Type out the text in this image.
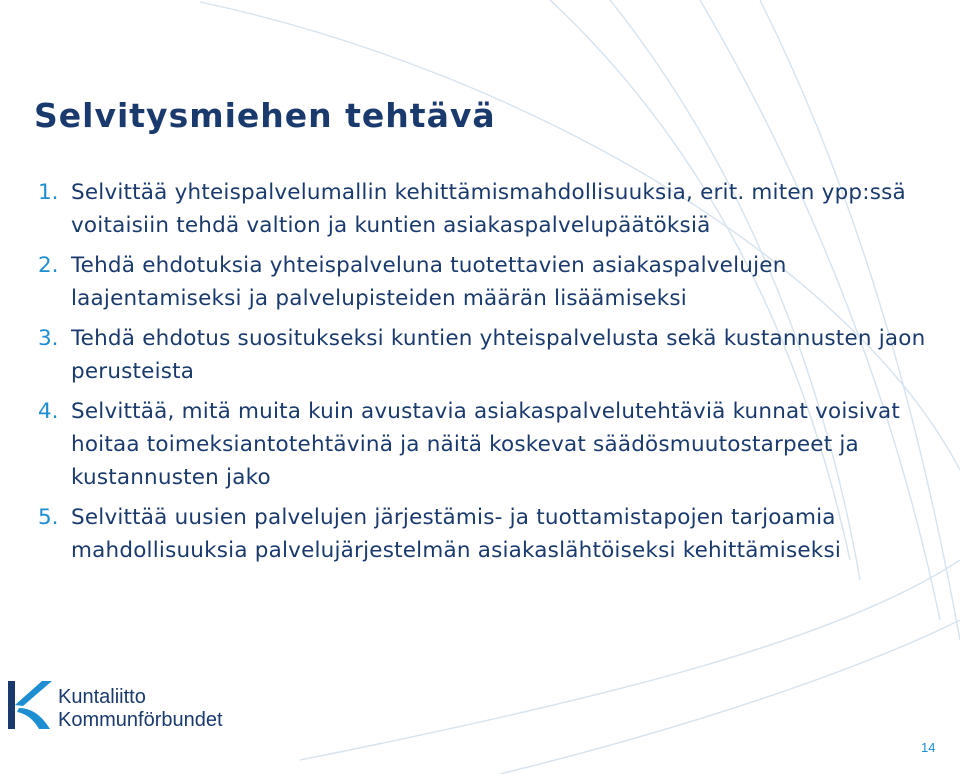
Selvitysmiehen tehtävä
1. Selvittää yhteispalvelumallin kehittämismahdollisuuksia, erit. miten ypp:ssä voitaisiin tehdä valtion ja kuntien asiakaspalvelupäätöksiä
2. Tehdä ehdotuksia yhteispalveluna tuotettavien asiakaspalvelujen laajentamiseksi ja palvelupisteiden määrän lisäämiseksi
3. Tehdä ehdotus suositukseksi kuntien yhteispalvelusta sekä kustannusten jaon perusteista
4. Selvittää, mitä muita kuin avustavia asiakaspalvelutehtäviä kunnat voisivat hoitaa toimeksiantotehtävinä ja näitä koskevat säädösmuutostarpeet ja kustannusten jako
5. Selvittää uusien palvelujen järjestämis- ja tuottamistapojen tarjoamia mahdollisuuksia palvelujärjestelmän asiakaslähtöiseksi kehittämiseksi
Kuntaliitto
Kommunförbundet
14
